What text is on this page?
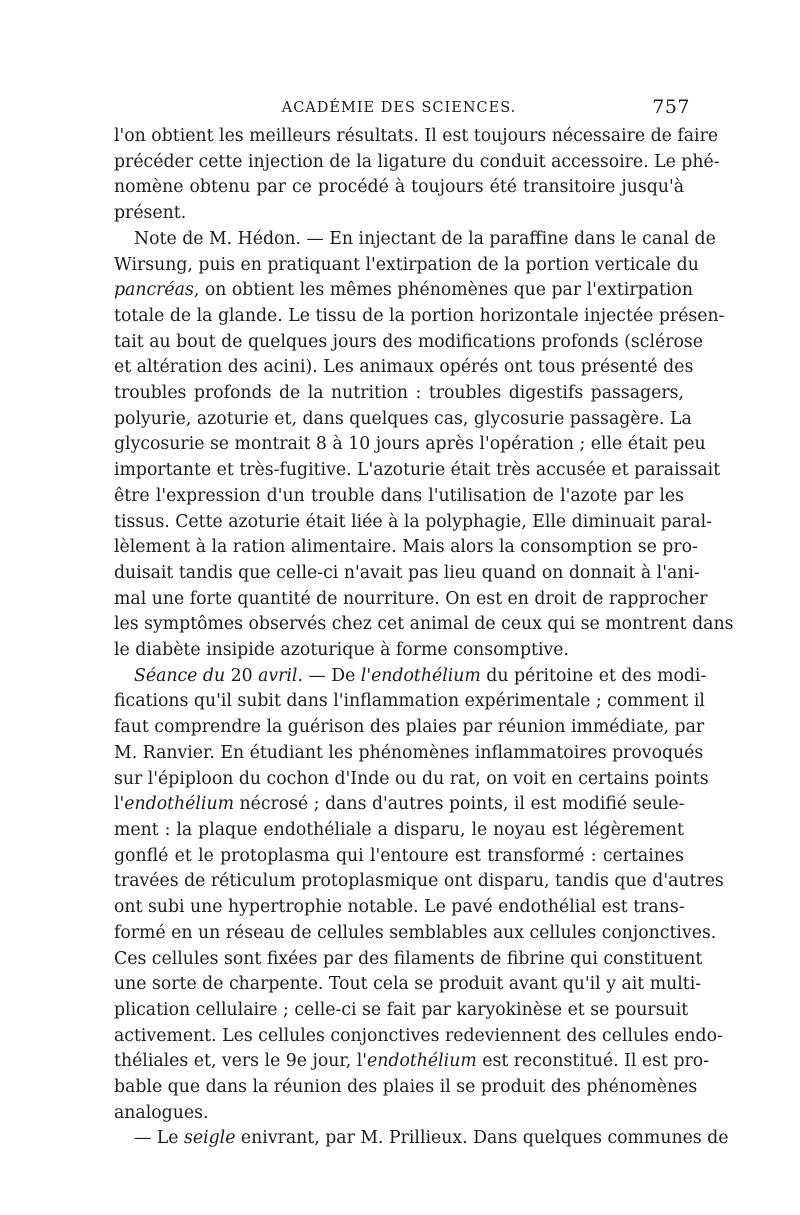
ACADÉMIE DES SCIENCES.	757

l'on obtient les meilleurs résultats. Il est toujours nécessaire de faire
précéder cette injection de la ligature du conduit accessoire. Le phé-
nomène obtenu par ce procédé à toujours été transitoire jusqu'à
présent.

Note de M. Hédon. — En injectant de la paraffine dans le canal de
Wirsung, puis en pratiquant l'extirpation de la portion verticale du
pancréas, on obtient les mêmes phénomènes que par l'extirpation
totale de la glande. Le tissu de la portion horizontale injectée présen-
tait au bout de quelques jours des modifications profonds (sclérose
et altération des acini). Les animaux opérés ont tous présenté des
troubles profonds de la nutrition : troubles digestifs passagers,
polyurie, azoturie et, dans quelques cas, glycosurie passagère. La
glycosurie se montrait 8 à 10 jours après l'opération ; elle était peu
importante et très-fugitive. L'azoturie était très accusée et paraissait
être l'expression d'un trouble dans l'utilisation de l'azote par les
tissus. Cette azoturie était liée à la polyphagie, Elle diminuait paral-
lèlement à la ration alimentaire. Mais alors la consomption se pro-
duisait tandis que celle-ci n'avait pas lieu quand on donnait à l'ani-
mal une forte quantité de nourriture. On est en droit de rapprocher
les symptômes observés chez cet animal de ceux qui se montrent dans
le diabète insipide azoturique à forme consomptive.

Séance du 20 avril. — De l'endothélium du péritoine et des modi-
fications qu'il subit dans l'inflammation expérimentale ; comment il
faut comprendre la guérison des plaies par réunion immédiate, par
M. Ranvier. En étudiant les phénomènes inflammatoires provoqués
sur l'épiploon du cochon d'Inde ou du rat, on voit en certains points
l'endothélium nécrosé ; dans d'autres points, il est modifié seule-
ment : la plaque endothéliale a disparu, le noyau est légèrement
gonflé et le protoplasma qui l'entoure est transformé : certaines
travées de réticulum protoplasmique ont disparu, tandis que d'autres
ont subi une hypertrophie notable. Le pavé endothélial est trans-
formé en un réseau de cellules semblables aux cellules conjonctives.
Ces cellules sont fixées par des filaments de fibrine qui constituent
une sorte de charpente. Tout cela se produit avant qu'il y ait multi-
plication cellulaire ; celle-ci se fait par karyokinèse et se poursuit
activement. Les cellules conjonctives redeviennent des cellules endo-
théliales et, vers le 9e jour, l'endothélium est reconstitué. Il est pro-
bable que dans la réunion des plaies il se produit des phénomènes
analogues.

— Le seigle enivrant, par M. Prillieux. Dans quelques communes de
